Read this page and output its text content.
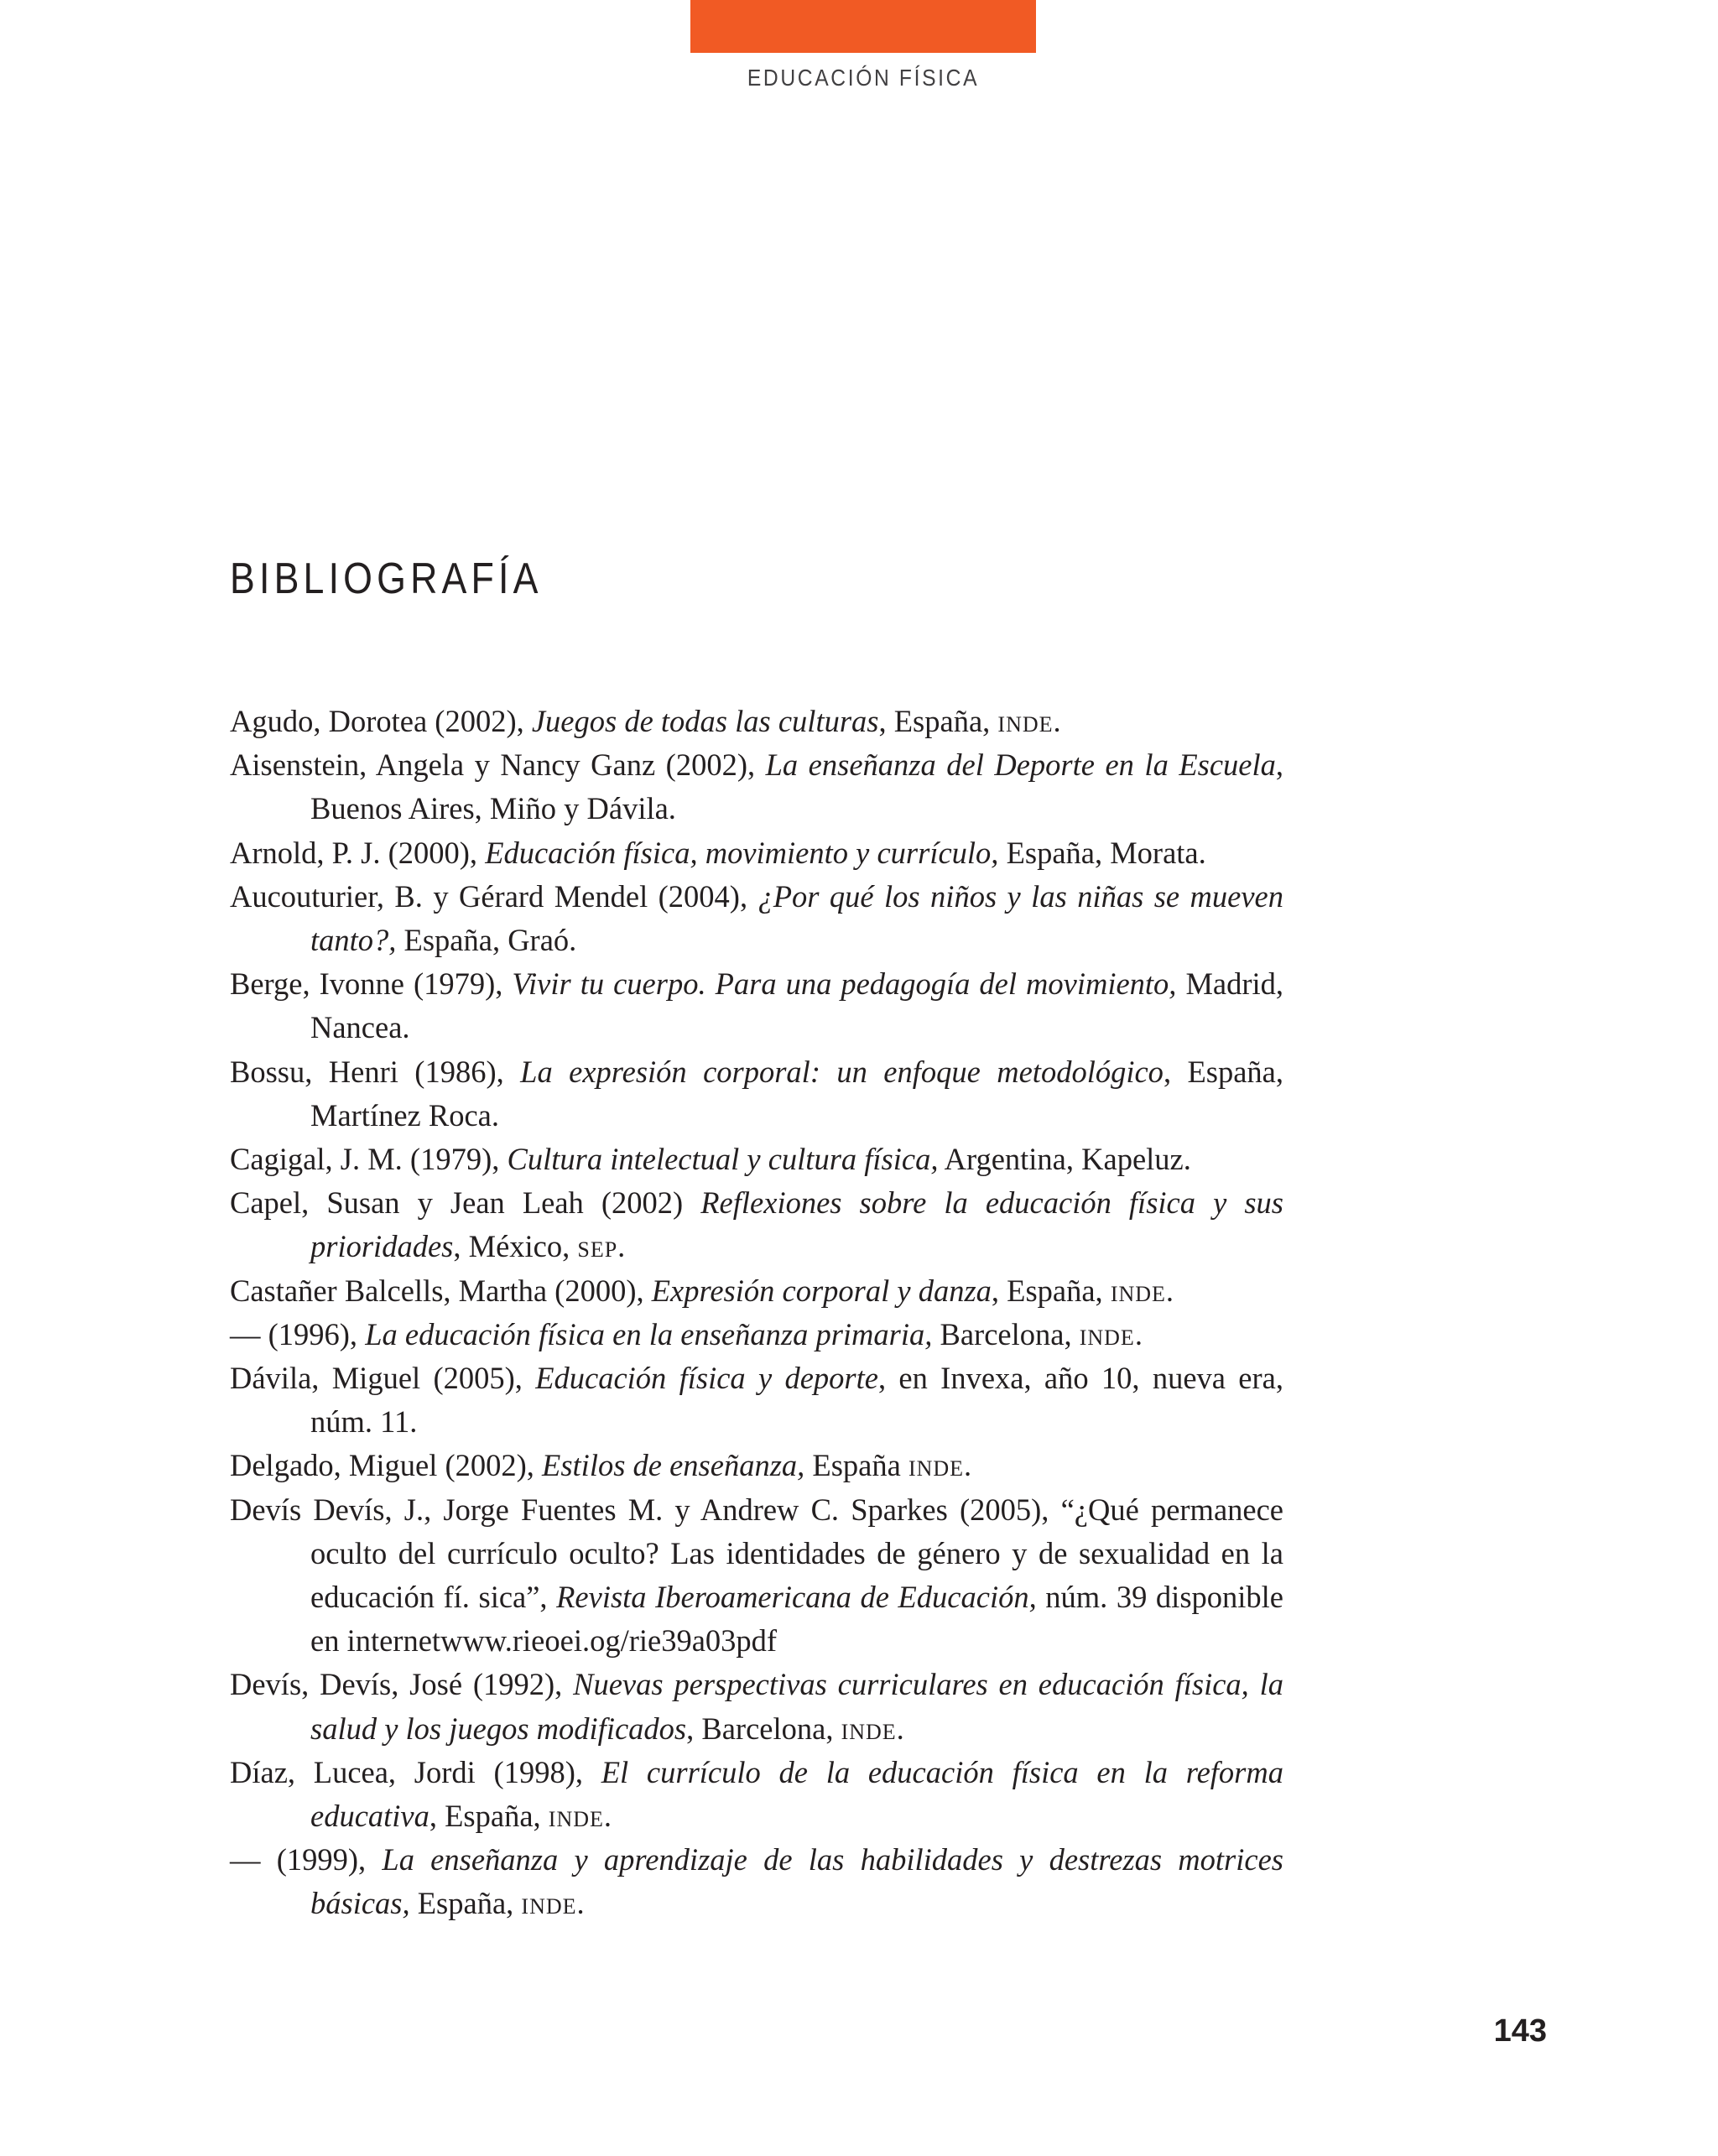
EDUCACIÓN FÍSICA
BIBLIOGRAFÍA
Agudo, Dorotea (2002), Juegos de todas las culturas, España, inde.
Aisenstein, Angela y Nancy Ganz (2002), La enseñanza del Deporte en la Escuela, Buenos Aires, Miño y Dávila.
Arnold, P. J. (2000), Educación física, movimiento y currículo, España, Morata.
Aucouturier, B. y Gérard Mendel (2004), ¿Por qué los niños y las niñas se mueven tanto?, España, Graó.
Berge, Ivonne (1979), Vivir tu cuerpo. Para una pedagogía del movimiento, Madrid, Nancea.
Bossu, Henri (1986), La expresión corporal: un enfoque metodológico, España, Martínez Roca.
Cagigal, J. M. (1979), Cultura intelectual y cultura física, Argentina, Kapeluz.
Capel, Susan y Jean Leah (2002) Reflexiones sobre la educación física y sus prioridades, México, sep.
Castañer Balcells, Martha (2000), Expresión corporal y danza, España, inde.
— (1996), La educación física en la enseñanza primaria, Barcelona, inde.
Dávila, Miguel (2005), Educación física y deporte, en Invexa, año 10, nueva era, núm. 11.
Delgado, Miguel (2002), Estilos de enseñanza, España inde.
Devís Devís, J., Jorge Fuentes M. y Andrew C. Sparkes (2005), “¿Qué permanece oculto del currículo oculto? Las identidades de género y de sexualidad en la educación fí. sica”, Revista Iberoamericana de Educación, núm. 39 disponible en internetwww.rieoei.og/rie39a03pdf
Devís, Devís, José (1992), Nuevas perspectivas curriculares en educación física, la salud y los juegos modificados, Barcelona, inde.
Díaz, Lucea, Jordi (1998), El currículo de la educación física en la reforma educativa, España, inde.
— (1999), La enseñanza y aprendizaje de las habilidades y destrezas motrices básicas, España, inde.
143
